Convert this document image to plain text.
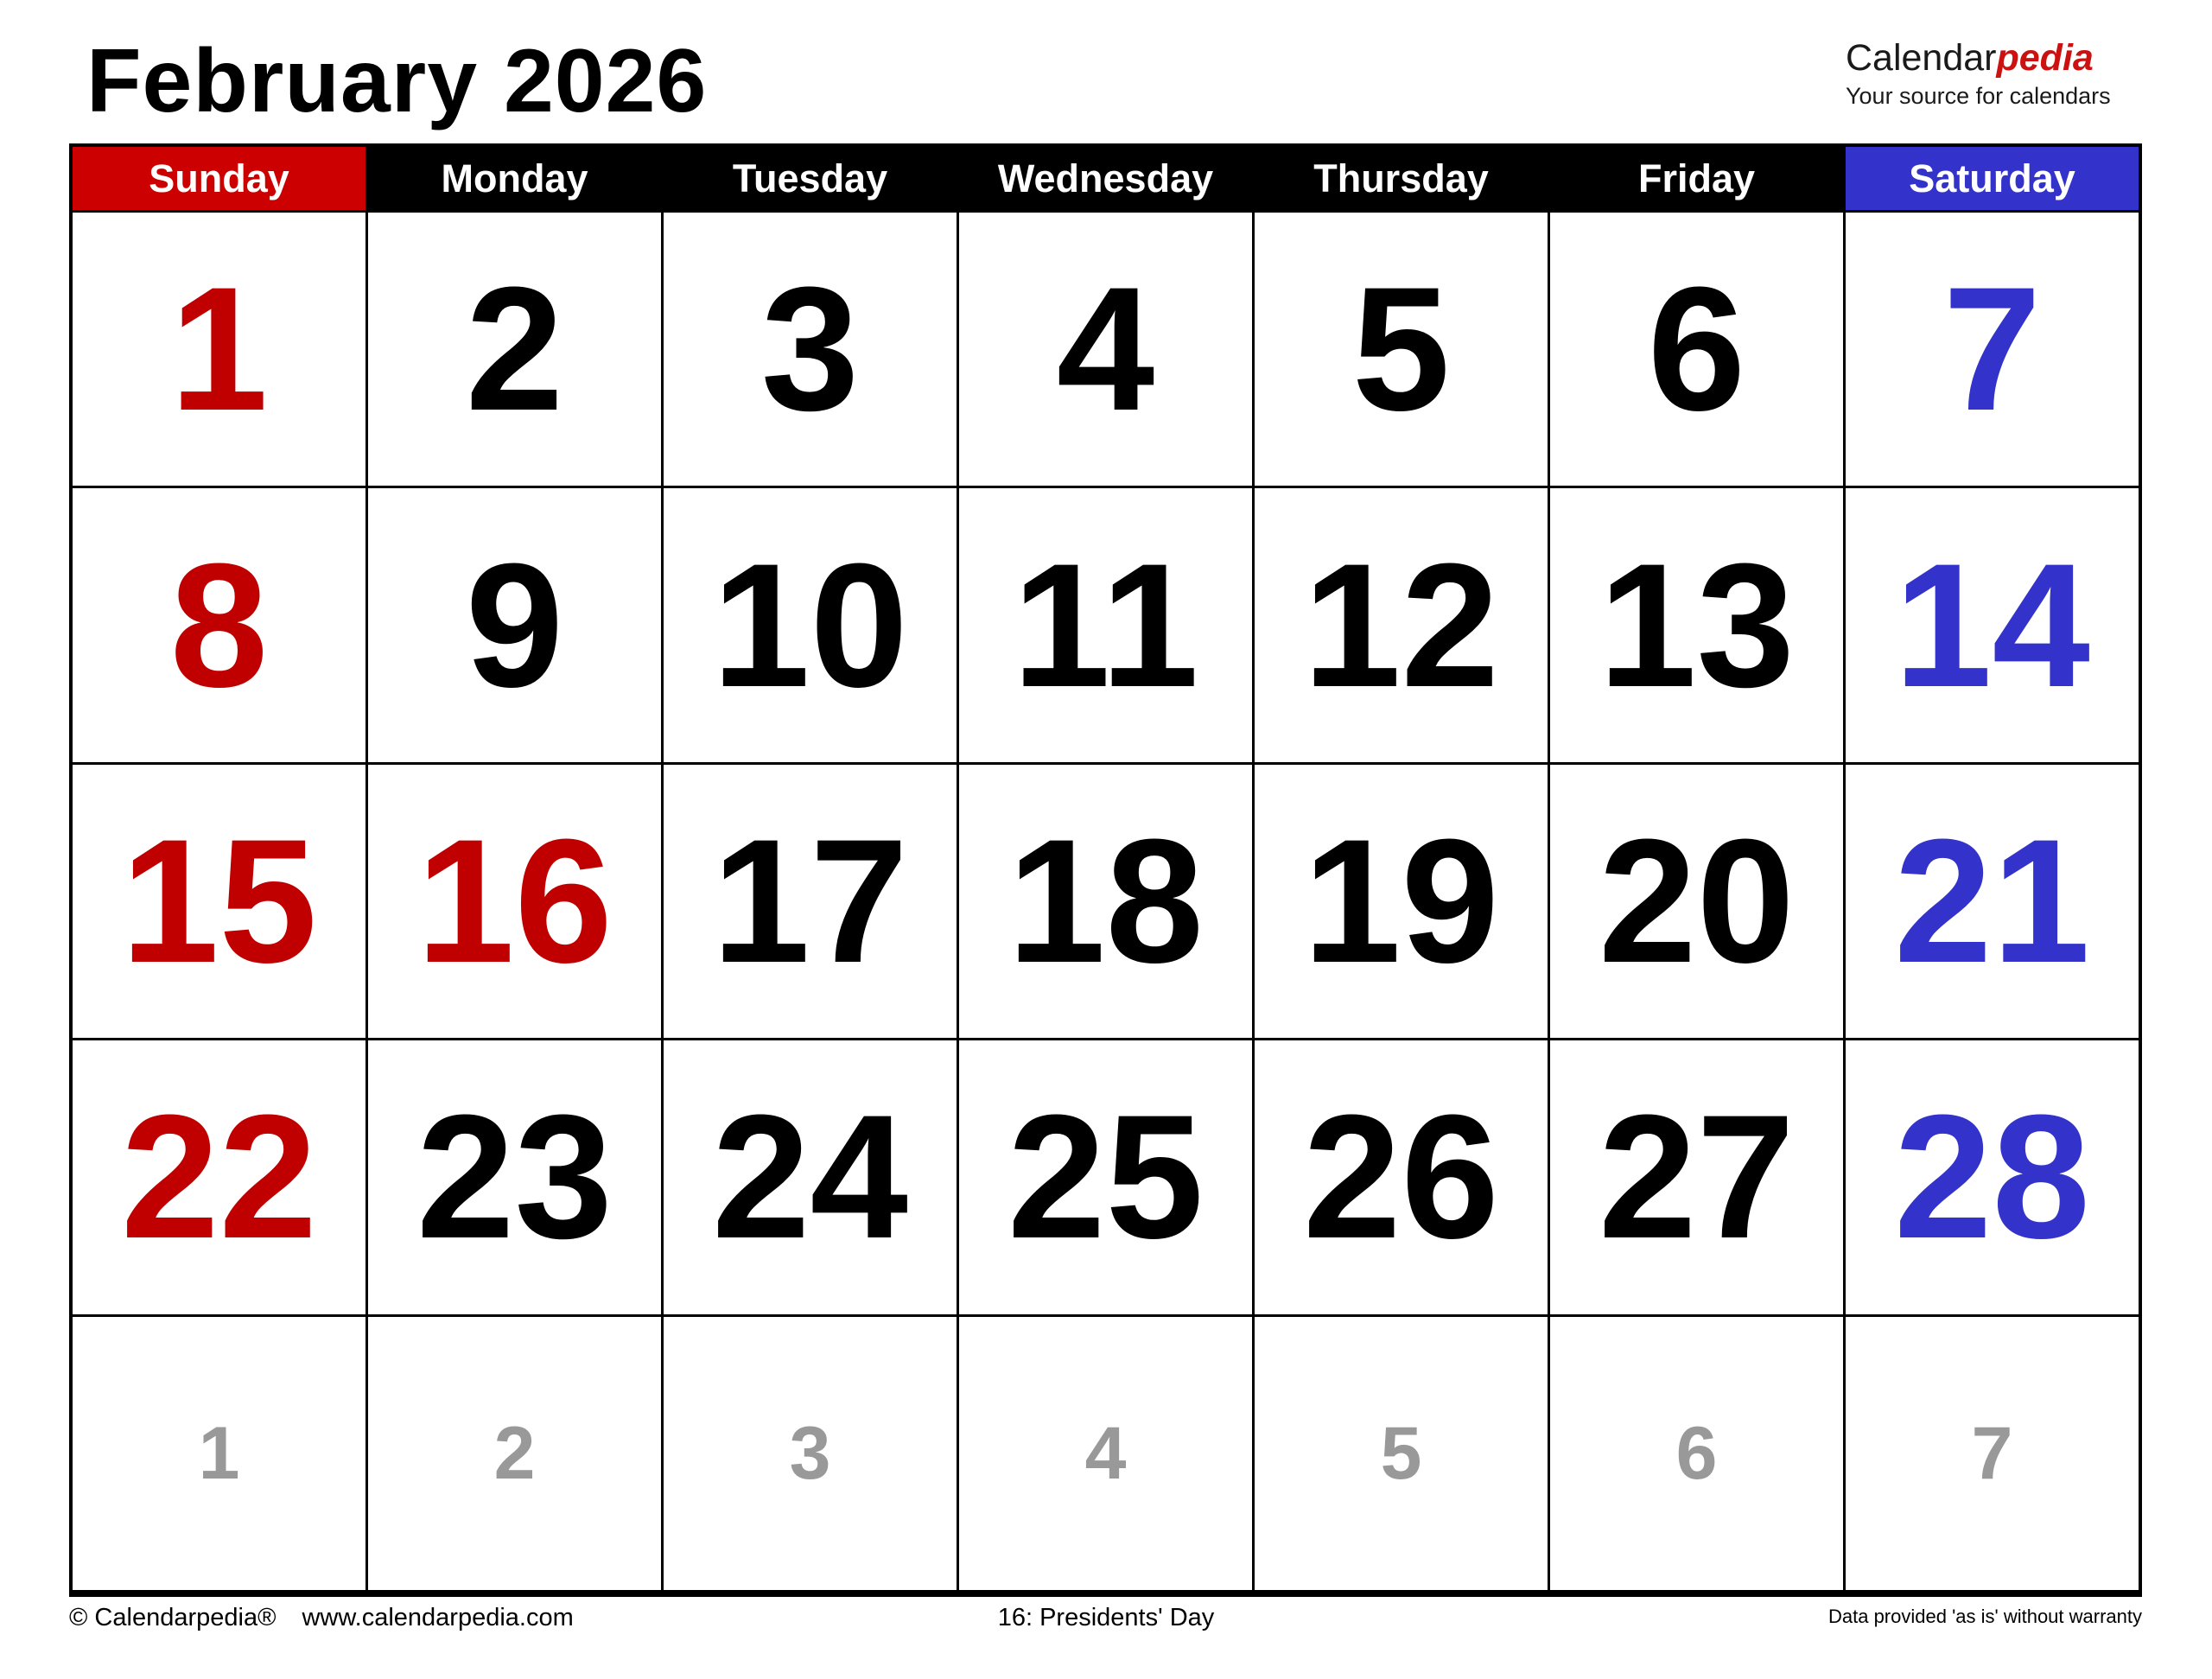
February 2026	Calendarpedia
Your source for calendars
Sunday	Monday	Tuesday	Wednesday	Thursday	Friday	Saturday
1	2	3	4	5	6	7
8	9 10 11 12 13 14
15 16 17 18 19 20 21
22 23 24 25 26 27 28
1	2	3	4	5	6	7
© Calendarpedia® www.calendarpedia.com	16: Presidents' Day	Data provided 'as is' without warranty
